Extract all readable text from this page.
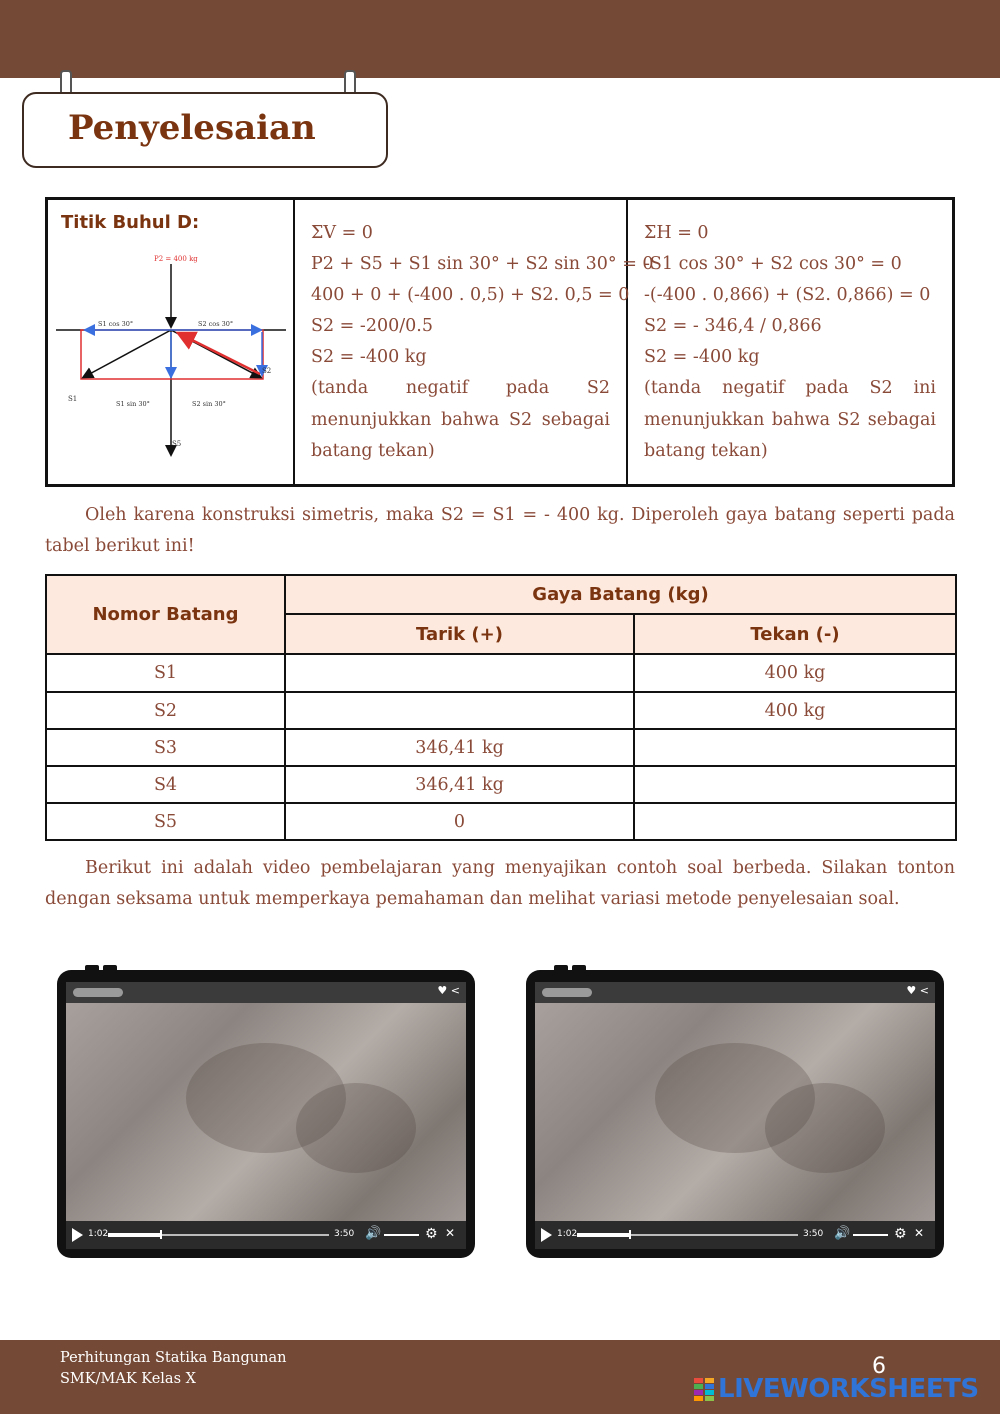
Penyelesaian
Titik Buhul D:
P2 = 400 kg
S1 cos 30°	S2 cos 30°
S1 sin 30°	S2 sin 30°
S1
S2
S5
ΣV = 0
P2 + S5 + S1 sin 30° + S2 sin 30° = 0
400 + 0 + (-400 . 0,5) + S2. 0,5 = 0
S2 = -200/0.5
S2 = -400 kg
(tanda negatif pada S2 menunjukkan bahwa S2 sebagai batang tekan)
ΣH = 0
-S1 cos 30° + S2 cos 30° = 0
-(-400 . 0,866) + (S2. 0,866) = 0
S2 = - 346,4 / 0,866
S2 = -400 kg
(tanda negatif pada S2 ini menunjukkan bahwa S2 sebagai batang tekan)
Oleh karena konstruksi simetris, maka S2 = S1 = - 400 kg. Diperoleh gaya batang seperti pada tabel berikut ini!
Nomor Batang	Gaya Batang (kg)	
	Tarik (+)	Tekan (-)
S1		400 kg
S2		400 kg
S3	346,41 kg	
S4	346,41 kg	
S5	0	
Berikut ini adalah video pembelajaran yang menyajikan contoh soal berbeda. Silakan tonton dengan seksama untuk memperkaya pemahaman dan melihat variasi metode penyelesaian soal.
♥ <
1:02	3:50 🔊	⚙ ✕
♥ <
1:02	3:50 🔊	⚙ ✕
Perhitungan Statika Bangunan
SMK/MAK Kelas X	6
LIVEWORKSHEETS
